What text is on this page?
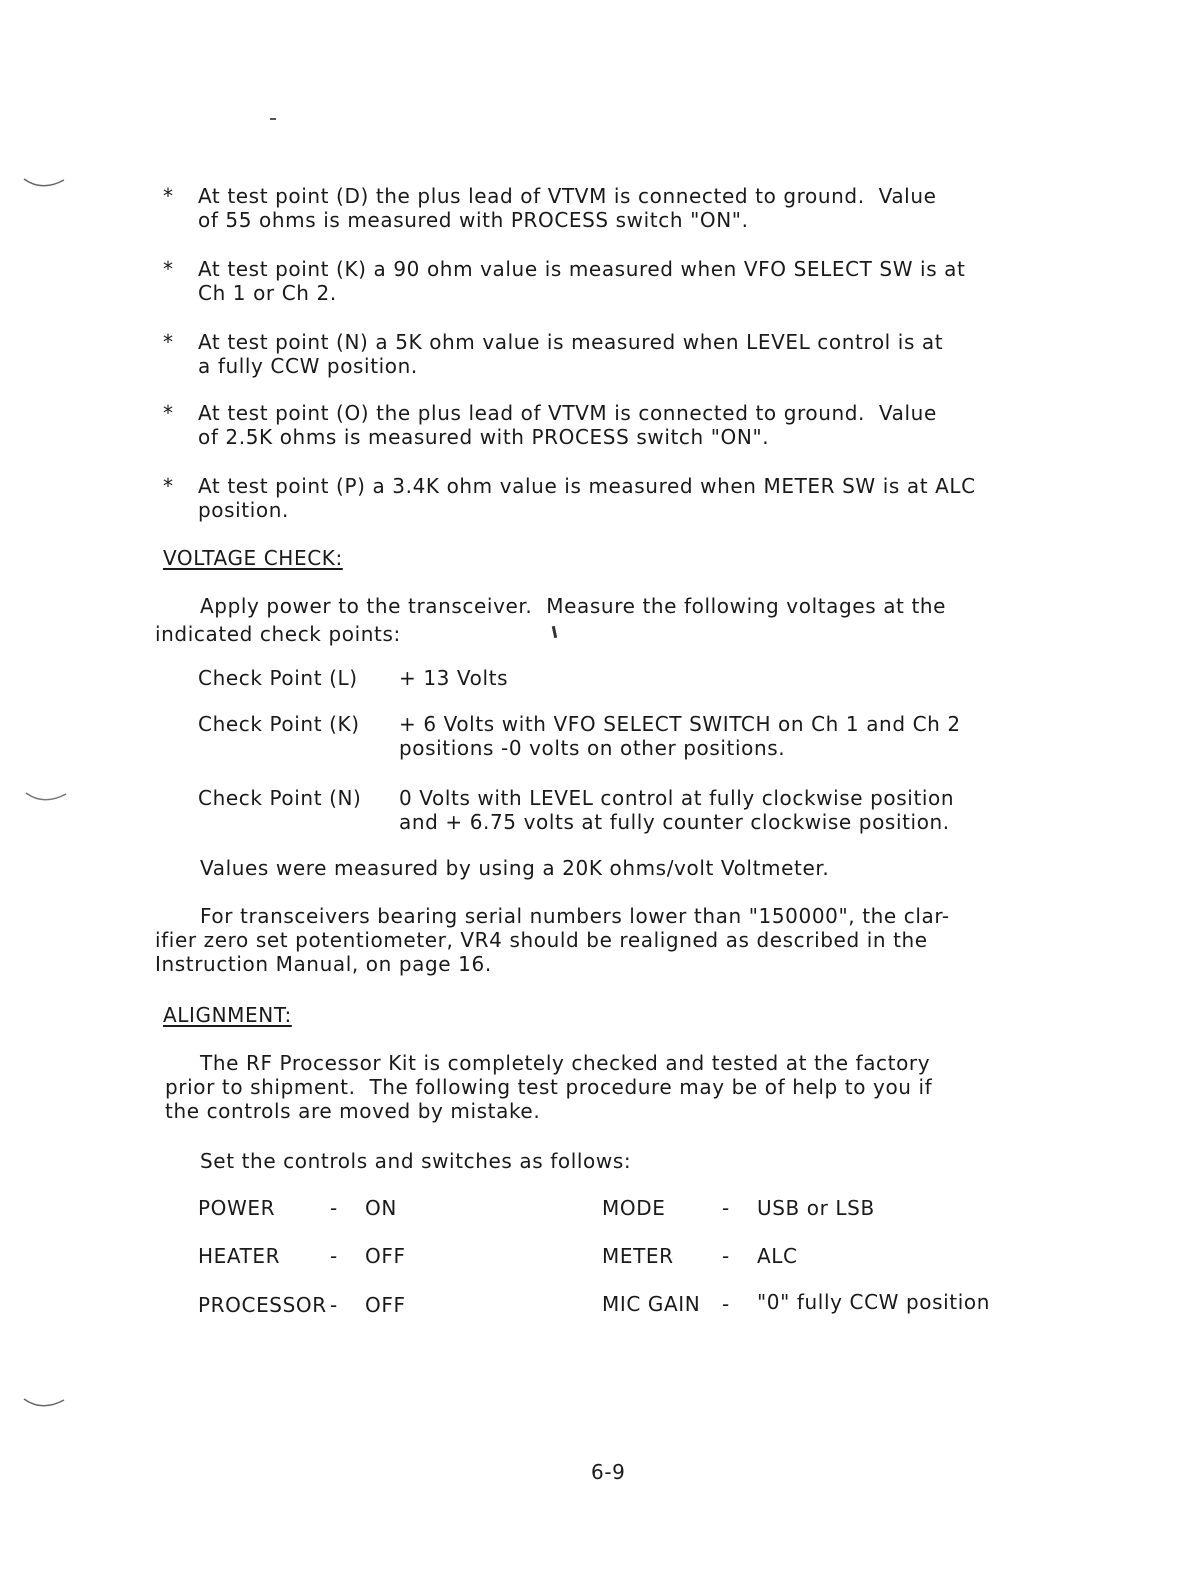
* At test point (D) the plus lead of VTVM is connected to ground.  Value
of 55 ohms is measured with PROCESS switch "ON".
* At test point (K) a 90 ohm value is measured when VFO SELECT SW is at
Ch 1 or Ch 2.
* At test point (N) a 5K ohm value is measured when LEVEL control is at
a fully CCW position.
* At test point (O) the plus lead of VTVM is connected to ground.  Value
of 2.5K ohms is measured with PROCESS switch "ON".
* At test point (P) a 3.4K ohm value is measured when METER SW is at ALC
position.
VOLTAGE CHECK:
Apply power to the transceiver.  Measure the following voltages at the
indicated check points:
Check Point (L) + 13 Volts
Check Point (K) + 6 Volts with VFO SELECT SWITCH on Ch 1 and Ch 2
positions -0 volts on other positions.
Check Point (N) 0 Volts with LEVEL control at fully clockwise position
and + 6.75 volts at fully counter clockwise position.
Values were measured by using a 20K ohms/volt Voltmeter.
For transceivers bearing serial numbers lower than "150000", the clar-
ifier zero set potentiometer, VR4 should be realigned as described in the
Instruction Manual, on page 16.
ALIGNMENT:
The RF Processor Kit is completely checked and tested at the factory
prior to shipment.  The following test procedure may be of help to you if
the controls are moved by mistake.
Set the controls and switches as follows:
POWER	- ON
HEATER - OFF
PROCESSOR - OFF
MODE	- USB or LSB
METER - ALC
MIC GAIN - "0" fully CCW position
6-9
